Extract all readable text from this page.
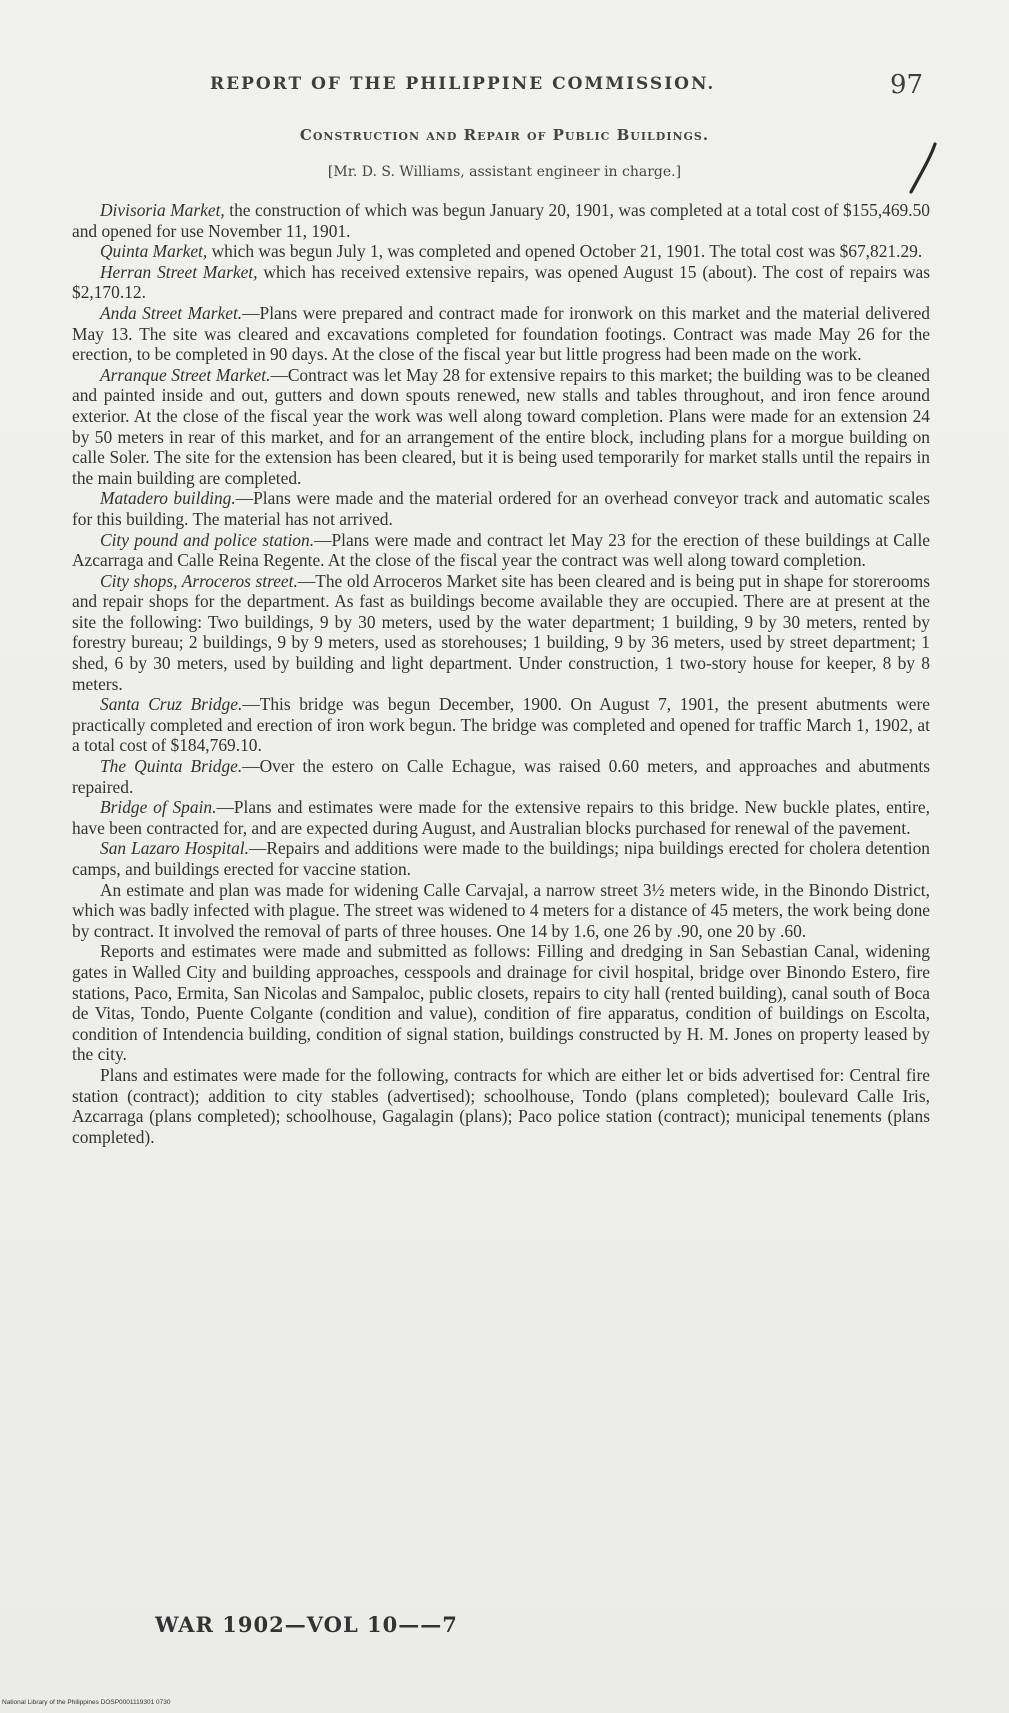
REPORT OF THE PHILIPPINE COMMISSION.	97
Construction and Repair of Public Buildings.
[Mr. D. S. Williams, assistant engineer in charge.]

Divisoria Market, the construction of which was begun January 20, 1901, was completed at a total cost of $155,469.50 and opened for use November 11, 1901.

Quinta Market, which was begun July 1, was completed and opened October 21, 1901. The total cost was $67,821.29.

Herran Street Market, which has received extensive repairs, was opened August 15 (about). The cost of repairs was $2,170.12.

Anda Street Market.—Plans were prepared and contract made for ironwork on this market and the material delivered May 13. The site was cleared and excavations completed for foundation footings. Contract was made May 26 for the erection, to be completed in 90 days. At the close of the fiscal year but little progress had been made on the work.

Arranque Street Market.—Contract was let May 28 for extensive repairs to this market; the building was to be cleaned and painted inside and out, gutters and down spouts renewed, new stalls and tables throughout, and iron fence around exterior. At the close of the fiscal year the work was well along toward completion. Plans were made for an extension 24 by 50 meters in rear of this market, and for an arrangement of the entire block, including plans for a morgue building on calle Soler. The site for the extension has been cleared, but it is being used temporarily for market stalls until the repairs in the main building are completed.

Matadero building.—Plans were made and the material ordered for an overhead conveyor track and automatic scales for this building. The material has not arrived.

City pound and police station.—Plans were made and contract let May 23 for the erection of these buildings at Calle Azcarraga and Calle Reina Regente. At the close of the fiscal year the contract was well along toward completion.

City shops, Arroceros street.—The old Arroceros Market site has been cleared and is being put in shape for storerooms and repair shops for the department. As fast as buildings become available they are occupied. There are at present at the site the following: Two buildings, 9 by 30 meters, used by the water department; 1 building, 9 by 30 meters, rented by forestry bureau; 2 buildings, 9 by 9 meters, used as storehouses; 1 building, 9 by 36 meters, used by street department; 1 shed, 6 by 30 meters, used by building and light department. Under construction, 1 two-story house for keeper, 8 by 8 meters.

Santa Cruz Bridge.—This bridge was begun December, 1900. On August 7, 1901, the present abutments were practically completed and erection of iron work begun. The bridge was completed and opened for traffic March 1, 1902, at a total cost of $184,769.10.

The Quinta Bridge.—Over the estero on Calle Echague, was raised 0.60 meters, and approaches and abutments repaired.

Bridge of Spain.—Plans and estimates were made for the extensive repairs to this bridge. New buckle plates, entire, have been contracted for, and are expected during August, and Australian blocks purchased for renewal of the pavement.

San Lazaro Hospital.—Repairs and additions were made to the buildings; nipa buildings erected for cholera detention camps, and buildings erected for vaccine station.

An estimate and plan was made for widening Calle Carvajal, a narrow street 3½ meters wide, in the Binondo District, which was badly infected with plague. The street was widened to 4 meters for a distance of 45 meters, the work being done by contract. It involved the removal of parts of three houses. One 14 by 1.6, one 26 by .90, one 20 by .60.

Reports and estimates were made and submitted as follows: Filling and dredging in San Sebastian Canal, widening gates in Walled City and building approaches, cesspools and drainage for civil hospital, bridge over Binondo Estero, fire stations, Paco, Ermita, San Nicolas and Sampaloc, public closets, repairs to city hall (rented building), canal south of Boca de Vitas, Tondo, Puente Colgante (condition and value), condition of fire apparatus, condition of buildings on Escolta, condition of Intendencia building, condition of signal station, buildings constructed by H. M. Jones on property leased by the city.

Plans and estimates were made for the following, contracts for which are either let or bids advertised for: Central fire station (contract); addition to city stables (advertised); schoolhouse, Tondo (plans completed); boulevard Calle Iris, Azcarraga (plans completed); schoolhouse, Gagalagin (plans); Paco police station (contract); municipal tenements (plans completed).

WAR 1902—VOL 10——7
National Library of the Philippines DOSP0001119301 0730
